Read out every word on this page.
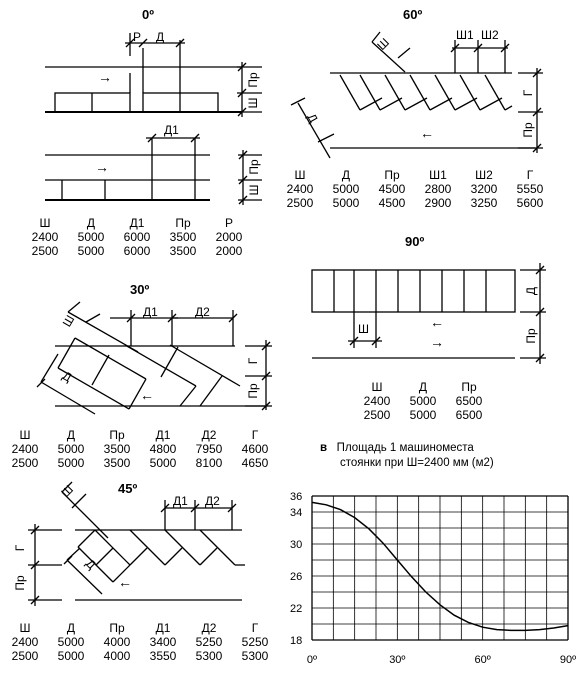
Р Д
Пр
Ш
→
Д1
Пр
Ш
→
Ш
Д1	Д2
Д
Г
Пр
←
Ш
Д1 Д2
Д
Г
Пр	←
Ш
Ш1 Ш2
Д
Г
Пр
←
Ш
Д
Пр
←
→
36
34
30
26
22
18
0º	30º	60º	90º
0º	60º
90º
30º
45º
Ш	Д	Д1	Пр	Р
2400	5000	6000	3500	2000
2500	5000	6000	3500	2000
Ш	Д	Пр	Д1	Д2	Г
2400	5000	3500	4800	7950	4600
2500	5000	3500	5000	8100	4650
Ш	Д	Пр	Д1	Д2	Г
2400	5000	4000	3400	5250	5250
2500	5000	4000	3550	5300	5300
Ш	Д	Пр	Ш1	Ш2	Г
2400	5000	4500	2800	3200	5550
2500	5000	4500	2900	3250	5600
Ш	Д	Пр
2400	5000	6500
2500	5000	6500
в Площадь 1 машиноместа
стоянки при Ш=2400 мм (м2)
